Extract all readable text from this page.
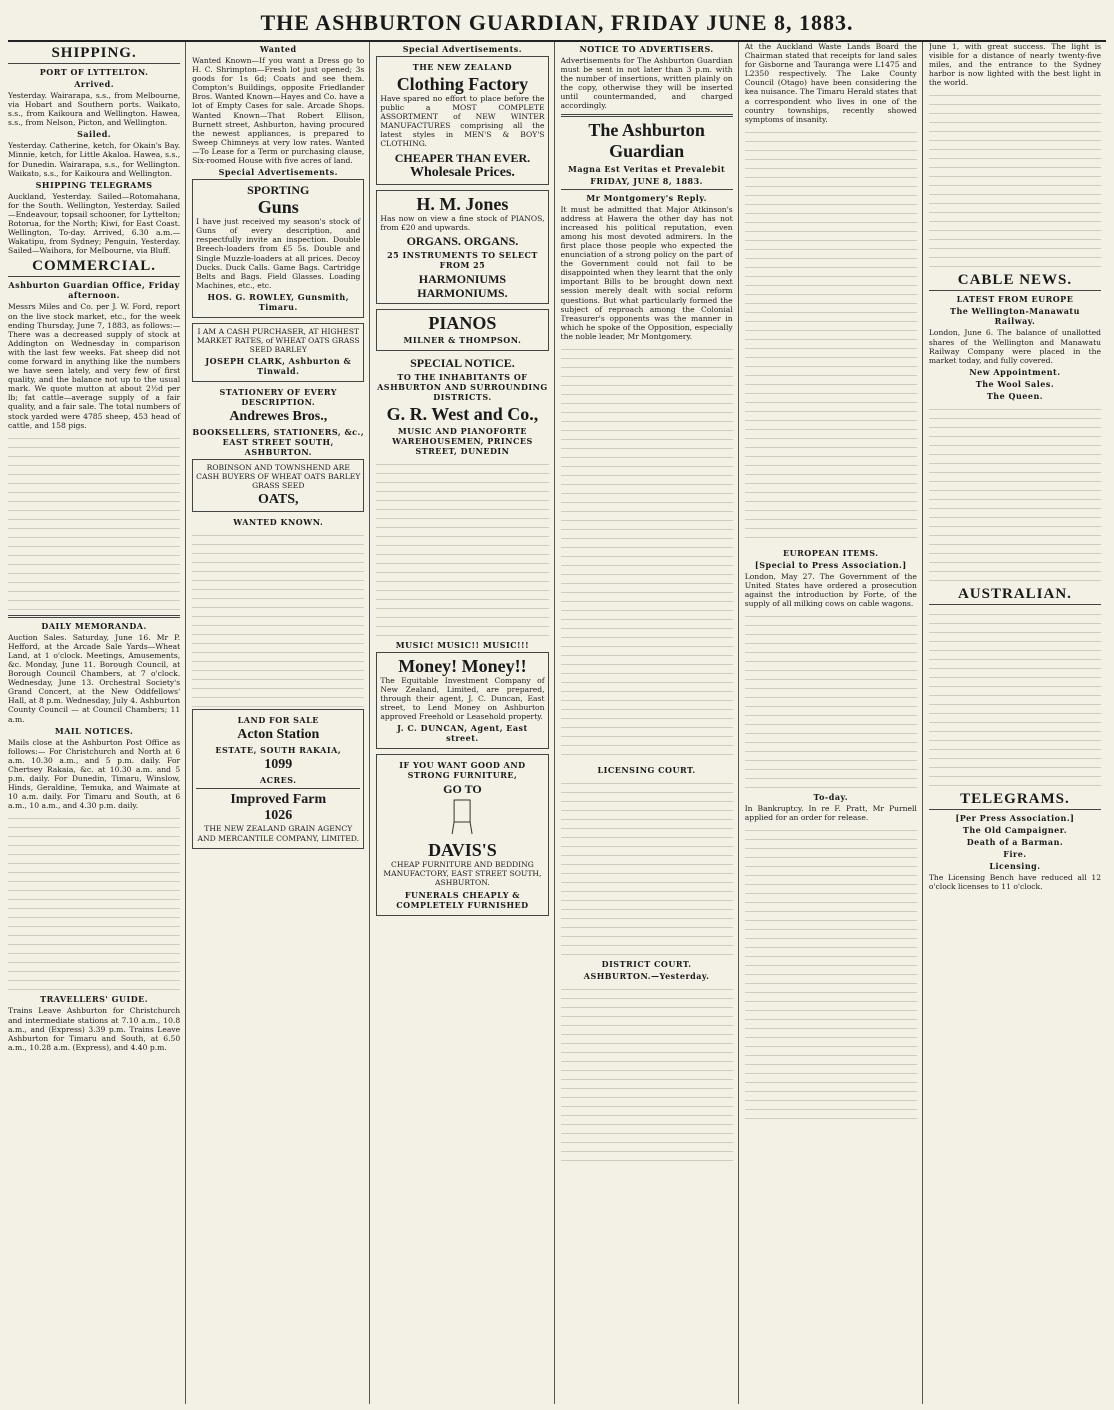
THE ASHBURTON GUARDIAN, FRIDAY JUNE 8, 1883.
SHIPPING.
PORT OF LYTTELTON.
Arrived.

Yesterday. Wairarapa, s.s., from Melbourne, via Hobart and Southern ports. Waikato, s.s., from Kaikoura and Wellington. Hawea, s.s., from Nelson, Picton, and Wellington.

Sailed.

Yesterday. Catherine, ketch, for Okain's Bay. Minnie, ketch, for Little Akaloa. Hawea, s.s., for Dunedin. Wairarapa, s.s., for Wellington. Waikato, s.s., for Kaikoura and Wellington.

SHIPPING TELEGRAMS

Auckland, Yesterday. Sailed—Rotomahana, for the South. Wellington, Yesterday. Sailed—Endeavour, topsail schooner, for Lyttelton; Rotorua, for the North; Kiwi, for East Coast. Wellington, To-day. Arrived, 6.30 a.m.—Wakatipu, from Sydney; Penguin, Yesterday. Sailed—Waihora, for Melbourne, via Bluff.

COMMERCIAL.
Ashburton Guardian Office, Friday afternoon.

Messrs Miles and Co. per J. W. Ford, report on the live stock market, etc., for the week ending Thursday, June 7, 1883, as follows:—There was a decreased supply of stock at Addington on Wednesday in comparison with the last few weeks. Fat sheep did not come forward in anything like the numbers we have seen lately, and very few of first quality, and the balance not up to the usual mark. We quote mutton at about 2½d per lb; fat cattle—average supply of a fair quality, and a fair sale. The total numbers of stock yarded were 4785 sheep, 453 head of cattle, and 158 pigs.

DAILY MEMORANDA.

Auction Sales. Saturday, June 16. Mr P. Hefford, at the Arcade Sale Yards—Wheat Land, at 1 o'clock. Meetings, Amusements, &c. Monday, June 11. Borough Council, at Borough Council Chambers, at 7 o'clock. Wednesday, June 13. Orchestral Society's Grand Concert, at the New Oddfellows' Hall, at 8 p.m. Wednesday, July 4. Ashburton County Council — at Council Chambers; 11 a.m.

MAIL NOTICES.

Mails close at the Ashburton Post Office as follows:— For Christchurch and North at 6 a.m. 10.30 a.m., and 5 p.m. daily. For Chertsey Rakaia, &c. at 10.30 a.m. and 5 p.m. daily. For Dunedin, Timaru, Winslow, Hinds, Geraldine, Temuka, and Waimate at 10 a.m. daily. For Timaru and South, at 6 a.m., 10 a.m., and 4.30 p.m. daily.

TRAVELLERS' GUIDE.

Trains Leave Ashburton for Christchurch and intermediate stations at 7.10 a.m., 10.8 a.m., and (Express) 3.39 p.m. Trains Leave Ashburton for Timaru and South, at 6.50 a.m., 10.28 a.m. (Express), and 4.40 p.m.

Wanted

Wanted Known—If you want a Dress go to H. C. Shrimpton—Fresh lot just opened; 3s goods for 1s 6d; Coats and see them. Compton's Buildings, opposite Friedlander Bros. Wanted Known—Hayes and Co. have a lot of Empty Cases for sale. Arcade Shops. Wanted Known—That Robert Ellison, Burnett street, Ashburton, having procured the newest appliances, is prepared to Sweep Chimneys at very low rates. Wanted—To Lease for a Term or purchasing clause, Six-roomed House with five acres of land.

Special Advertisements.
SPORTING
Guns

I have just received my season's stock of Guns of every description, and respectfully invite an inspection. Double Breech-loaders from £5 5s. Double and Single Muzzle-loaders at all prices. Decoy Ducks. Duck Calls. Game Bags. Cartridge Belts and Bags. Field Glasses. Loading Machines, etc., etc.

HOS. G. ROWLEY, Gunsmith, Timaru.

I AM A CASH PURCHASER, AT HIGHEST MARKET RATES, of WHEAT OATS GRASS SEED BARLEY

JOSEPH CLARK, Ashburton & Tinwald.
STATIONERY OF EVERY DESCRIPTION.
Andrewes Bros.,
BOOKSELLERS, STATIONERS, &c., EAST STREET SOUTH, ASHBURTON.

ROBINSON AND TOWNSHEND ARE CASH BUYERS OF WHEAT OATS BARLEY GRASS SEED

OATS,
WANTED KNOWN.
LAND FOR SALE
Acton Station
ESTATE, SOUTH RAKAIA,
1099
ACRES.
Improved Farm
1026

THE NEW ZEALAND GRAIN AGENCY AND MERCANTILE COMPANY, LIMITED.

Special Advertisements.
THE NEW ZEALAND
Clothing Factory

Have spared no effort to place before the public a MOST COMPLETE ASSORTMENT of NEW WINTER MANUFACTURES comprising all the latest styles in MEN'S & BOY'S CLOTHING.

CHEAPER THAN EVER.
Wholesale Prices.
H. M. Jones

Has now on view a fine stock of PIANOS, from £20 and upwards.

ORGANS. ORGANS.
25 INSTRUMENTS TO SELECT FROM 25
HARMONIUMS HARMONIUMS.
PIANOS
MILNER & THOMPSON.
SPECIAL NOTICE.
TO THE INHABITANTS OF ASHBURTON AND SURROUNDING DISTRICTS.
G. R. West and Co.,
MUSIC AND PIANOFORTE WAREHOUSEMEN, PRINCES STREET, DUNEDIN
MUSIC! MUSIC!! MUSIC!!!
Money! Money!!

The Equitable Investment Company of New Zealand, Limited, are prepared, through their agent, J. C. Duncan, East street, to Lend Money on Ashburton approved Freehold or Leasehold property.

J. C. DUNCAN, Agent, East street.
IF YOU WANT GOOD AND STRONG FURNITURE,
GO TO
DAVIS'S

CHEAP FURNITURE AND BEDDING MANUFACTORY, EAST STREET SOUTH, ASHBURTON.

FUNERALS CHEAPLY & COMPLETELY FURNISHED
NOTICE TO ADVERTISERS.

Advertisements for The Ashburton Guardian must be sent in not later than 3 p.m. with the number of insertions, written plainly on the copy, otherwise they will be inserted until countermanded, and charged accordingly.

The Ashburton Guardian
Magna Est Veritas et Prevalebit
FRIDAY, JUNE 8, 1883.
Mr Montgomery's Reply.

It must be admitted that Major Atkinson's address at Hawera the other day has not increased his political reputation, even among his most devoted admirers. In the first place those people who expected the enunciation of a strong policy on the part of the Government could not fail to be disappointed when they learnt that the only important Bills to be brought down next session merely dealt with social reform questions. But what particularly formed the subject of reproach among the Colonial Treasurer's opponents was the manner in which he spoke of the Opposition, especially the noble leader, Mr Montgomery.

LICENSING COURT.
DISTRICT COURT.
ASHBURTON.—Yesterday.

At the Auckland Waste Lands Board the Chairman stated that receipts for land sales for Gisborne and Tauranga were L1475 and L2350 respectively. The Lake County Council (Otago) have been considering the kea nuisance. The Timaru Herald states that a correspondent who lives in one of the country townships, recently showed symptoms of insanity.

EUROPEAN ITEMS.
[Special to Press Association.]

London, May 27. The Government of the United States have ordered a prosecution against the introduction by Forte, of the supply of all milking cows on cable wagons.

To-day.

In Bankruptcy. In re F. Pratt, Mr Purnell applied for an order for release.

June 1, with great success. The light is visible for a distance of nearly twenty-five miles, and the entrance to the Sydney harbor is now lighted with the best light in the world.

CABLE NEWS.
LATEST FROM EUROPE
The Wellington-Manawatu Railway.

London, June 6. The balance of unallotted shares of the Wellington and Manawatu Railway Company were placed in the market today, and fully covered.

New Appointment.
The Wool Sales.
The Queen.
AUSTRALIAN.
TELEGRAMS.
[Per Press Association.]
The Old Campaigner.
Death of a Barman.
Fire.
Licensing.

The Licensing Bench have reduced all 12 o'clock licenses to 11 o'clock.
